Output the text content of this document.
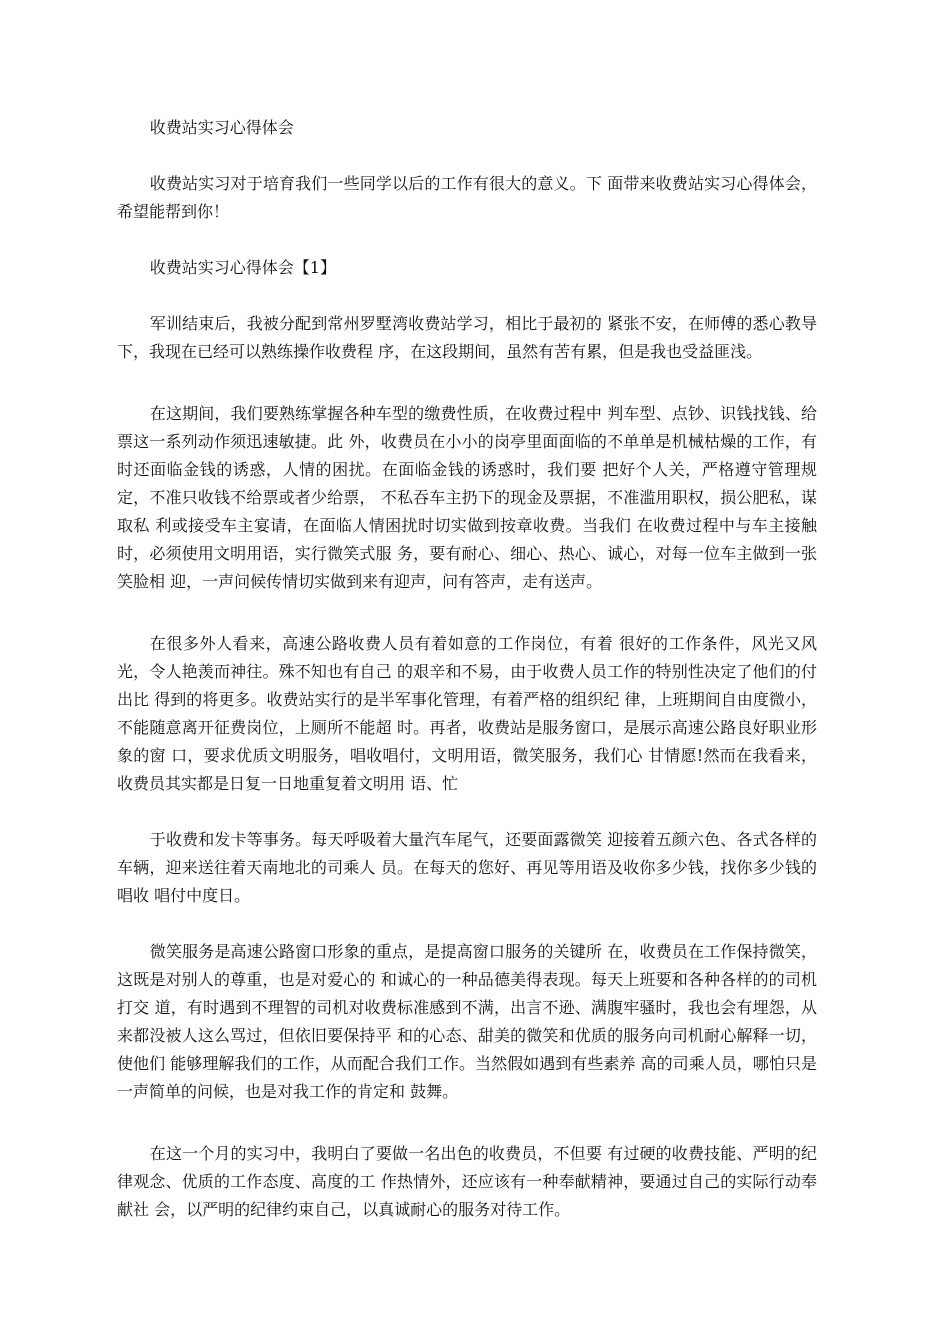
收费站实习心得体会

收费站实习对于培育我们一些同学以后的工作有很大的意义。下 面带来收费站实习心得体会，希望能帮到你！

收费站实习心得体会【1】

军训结束后，我被分配到常州罗墅湾收费站学习，相比于最初的 紧张不安，在师傅的悉心教导下，我现在已经可以熟练操作收费程 序，在这段期间，虽然有苦有累，但是我也受益匪浅。

在这期间，我们要熟练掌握各种车型的缴费性质，在收费过程中 判车型、点钞、识钱找钱、给票这一系列动作须迅速敏捷。此 外，收费员在小小的岗亭里面面临的不单单是机械枯燥的工作，有 时还面临金钱的诱惑，人情的困扰。在面临金钱的诱惑时，我们要 把好个人关，严格遵守管理规定，不准只收钱不给票或者少给票， 不私吞车主扔下的现金及票据，不准滥用职权，损公肥私，谋取私 利或接受车主宴请，在面临人情困扰时切实做到按章收费。当我们 在收费过程中与车主接触时，必须使用文明用语，实行微笑式服 务，要有耐心、细心、热心、诚心，对每一位车主做到一张笑脸相 迎，一声问候传情切实做到来有迎声，问有答声，走有送声。

在很多外人看来，高速公路收费人员有着如意的工作岗位，有着 很好的工作条件，风光又风光，令人艳羡而神往。殊不知也有自己 的艰辛和不易，由于收费人员工作的特别性决定了他们的付出比 得到的将更多。收费站实行的是半军事化管理，有着严格的组织纪 律，上班期间自由度微小，不能随意离开征费岗位，上厕所不能超 时。再者，收费站是服务窗口，是展示高速公路良好职业形象的窗 口，要求优质文明服务，唱收唱付，文明用语，微笑服务，我们心 甘情愿!然而在我看来，收费员其实都是日复一日地重复着文明用 语、忙

于收费和发卡等事务。每天呼吸着大量汽车尾气，还要面露微笑 迎接着五颜六色、各式各样的车辆，迎来送往着天南地北的司乘人 员。在每天的您好、再见等用语及收你多少钱，找你多少钱的唱收 唱付中度日。

微笑服务是高速公路窗口形象的重点，是提高窗口服务的关键所 在，收费员在工作保持微笑，这既是对别人的尊重，也是对爱心的 和诚心的一种品德美得表现。每天上班要和各种各样的的司机打交 道，有时遇到不理智的司机对收费标准感到不满，出言不逊、满腹牢骚时，我也会有埋怨，从来都没被人这么骂过，但依旧要保持平 和的心态、甜美的微笑和优质的服务向司机耐心解释一切，使他们 能够理解我们的工作，从而配合我们工作。当然假如遇到有些素养 高的司乘人员，哪怕只是一声简单的问候，也是对我工作的肯定和 鼓舞。

在这一个月的实习中，我明白了要做一名出色的收费员，不但要 有过硬的收费技能、严明的纪律观念、优质的工作态度、高度的工 作热情外，还应该有一种奉献精神，要通过自己的实际行动奉献社 会，以严明的纪律约束自己，以真诚耐心的服务对待工作。
